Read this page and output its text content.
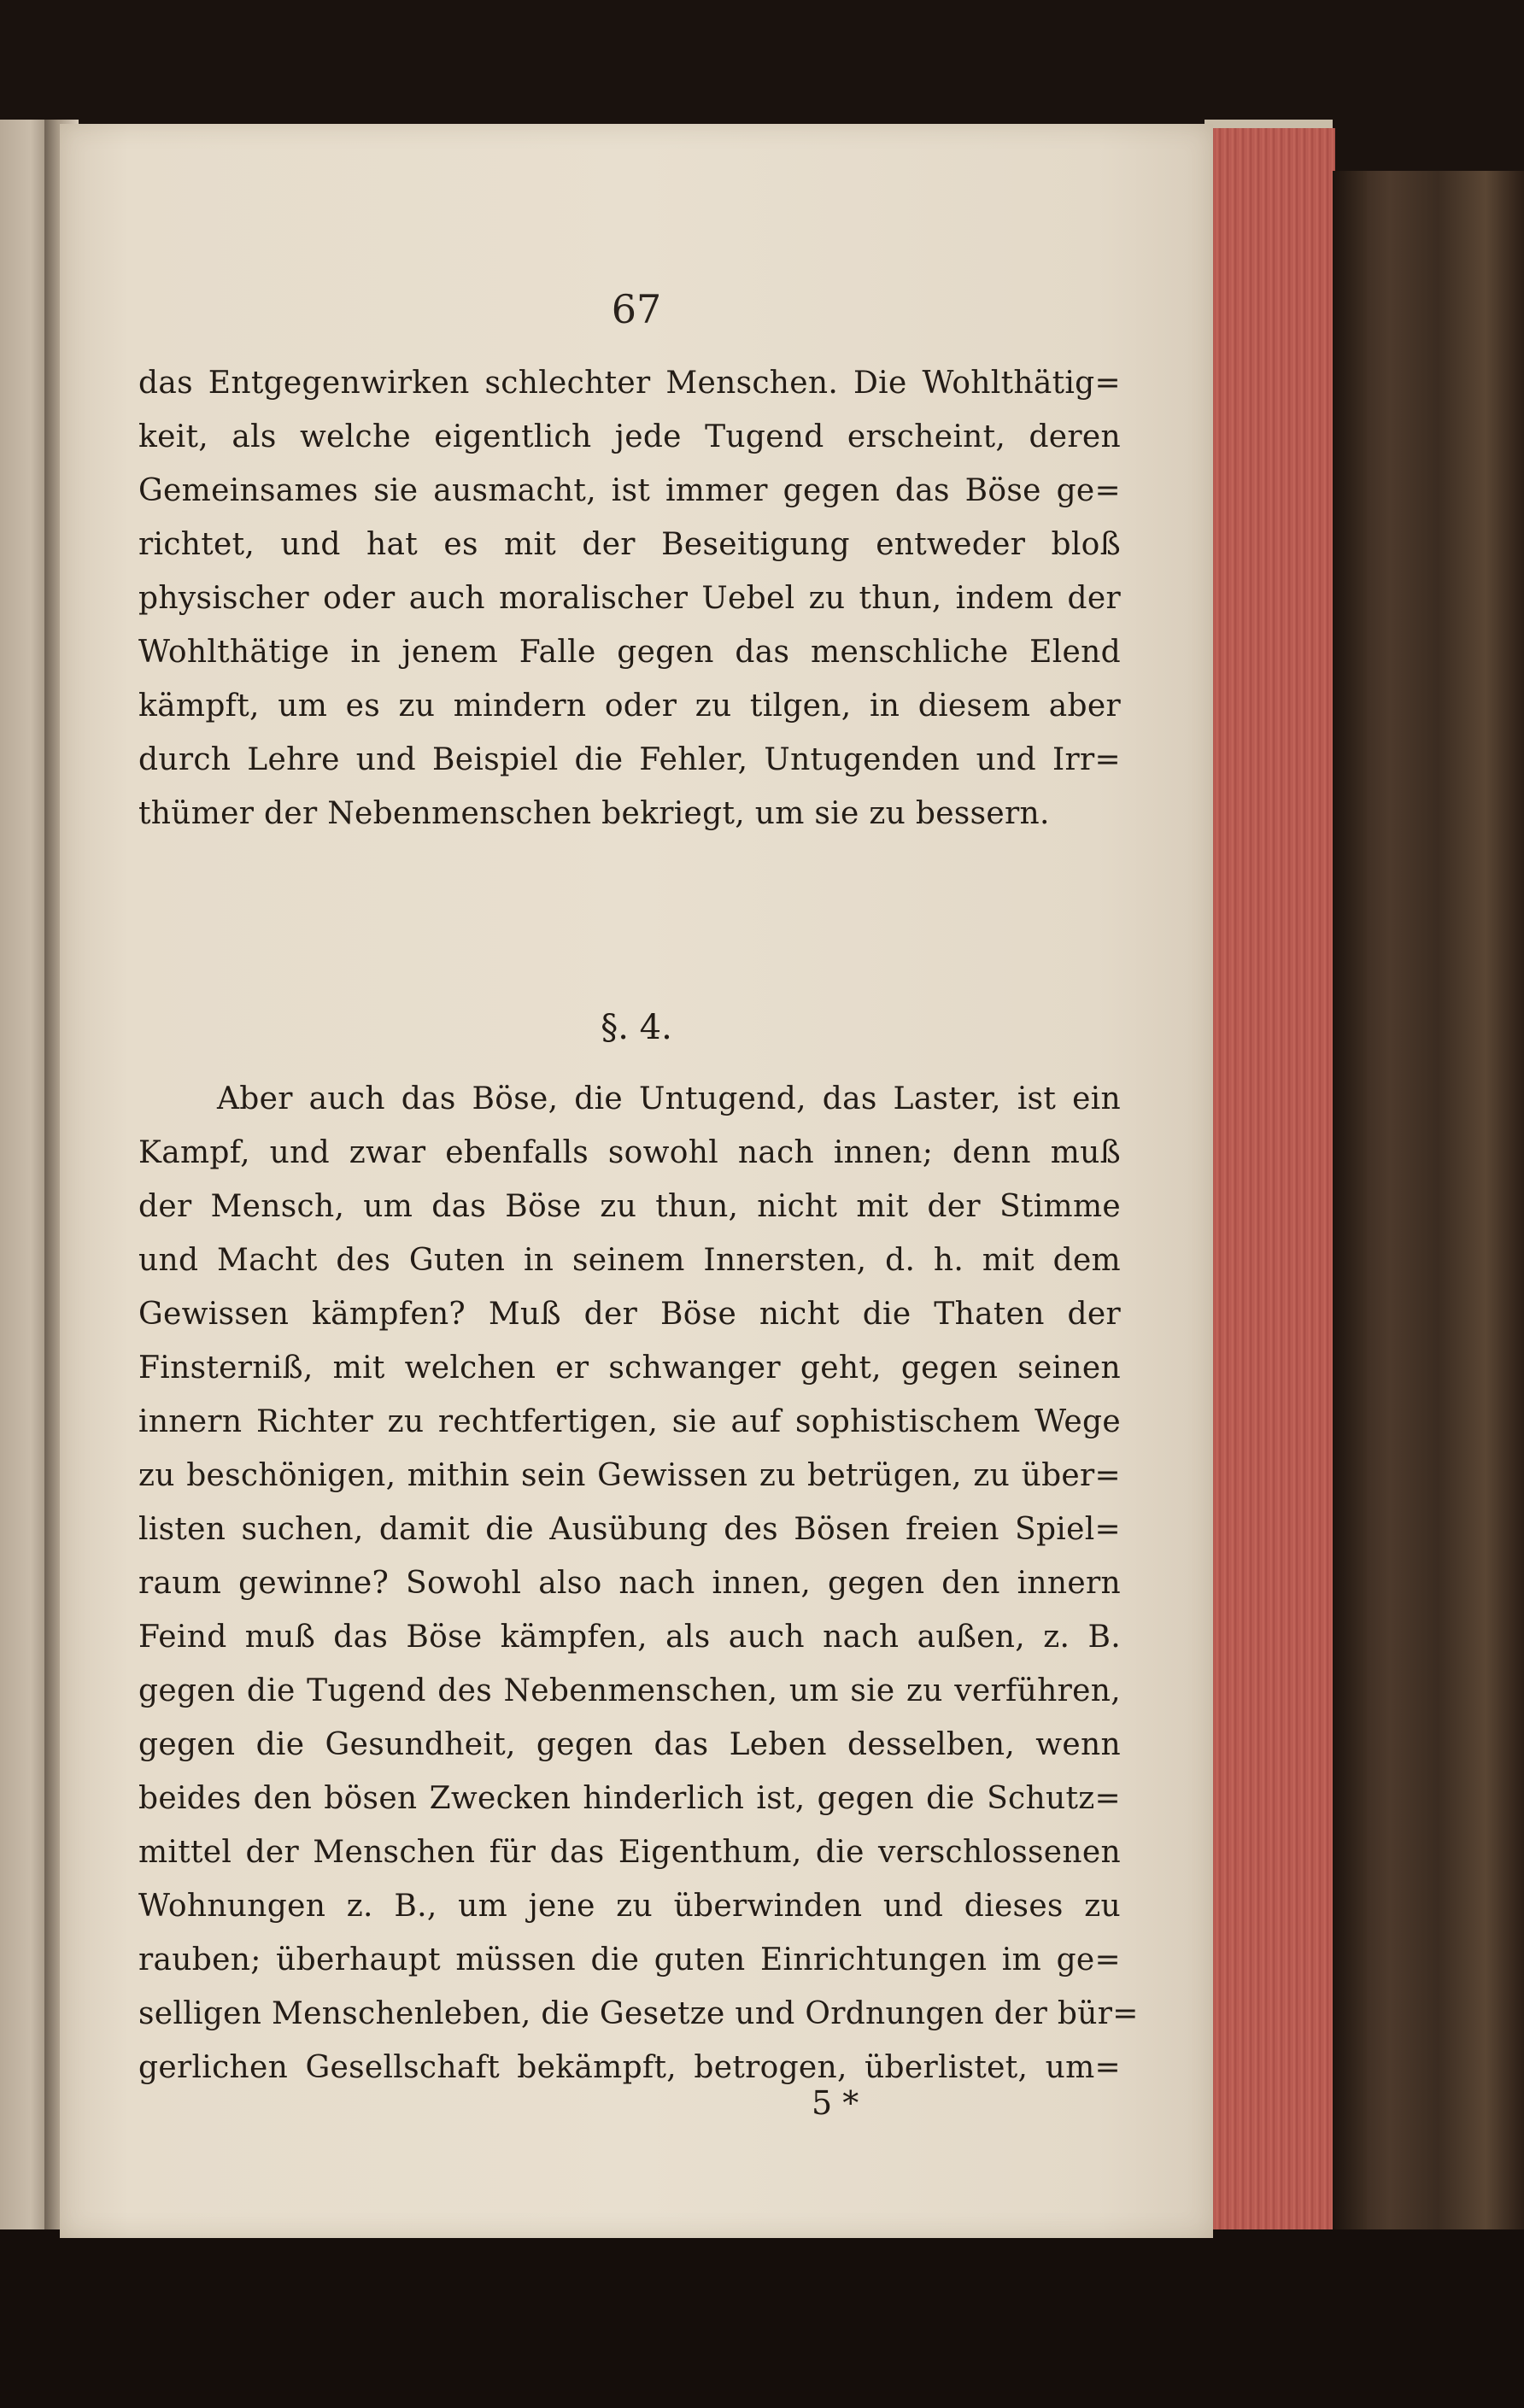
67
das Entgegenwirken schlechter Menschen. Die Wohlthätig=
keit, als welche eigentlich jede Tugend erscheint, deren
Gemeinsames sie ausmacht, ist immer gegen das Böse ge=
richtet, und hat es mit der Beseitigung entweder bloß
physischer oder auch moralischer Uebel zu thun, indem der
Wohlthätige in jenem Falle gegen das menschliche Elend
kämpft, um es zu mindern oder zu tilgen, in diesem aber
durch Lehre und Beispiel die Fehler, Untugenden und Irr=
thümer der Nebenmenschen bekriegt, um sie zu bessern.
§. 4.
Aber auch das Böse, die Untugend, das Laster, ist ein
Kampf, und zwar ebenfalls sowohl nach innen; denn muß
der Mensch, um das Böse zu thun, nicht mit der Stimme
und Macht des Guten in seinem Innersten, d. h. mit dem
Gewissen kämpfen? Muß der Böse nicht die Thaten der
Finsterniß, mit welchen er schwanger geht, gegen seinen
innern Richter zu rechtfertigen, sie auf sophistischem Wege
zu beschönigen, mithin sein Gewissen zu betrügen, zu über=
listen suchen, damit die Ausübung des Bösen freien Spiel=
raum gewinne? Sowohl also nach innen, gegen den innern
Feind muß das Böse kämpfen, als auch nach außen, z. B.
gegen die Tugend des Nebenmenschen, um sie zu verführen,
gegen die Gesundheit, gegen das Leben desselben, wenn
beides den bösen Zwecken hinderlich ist, gegen die Schutz=
mittel der Menschen für das Eigenthum, die verschlossenen
Wohnungen z. B., um jene zu überwinden und dieses zu
rauben; überhaupt müssen die guten Einrichtungen im ge=
selligen Menschenleben, die Gesetze und Ordnungen der bür=
gerlichen Gesellschaft bekämpft, betrogen, überlistet, um=
5 *
